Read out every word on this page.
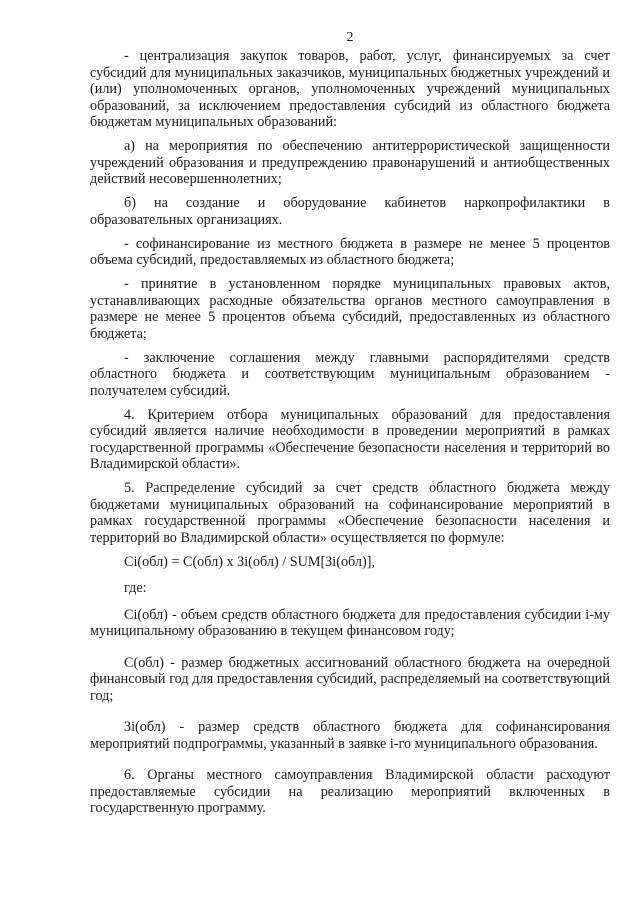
2

- централизация закупок товаров, работ, услуг, финансируемых за счет субсидий для муниципальных заказчиков, муниципальных бюджетных учреждений и (или) уполномоченных органов, уполномоченных учреждений муниципальных образований, за исключением предоставления субсидий из областного бюджета бюджетам муниципальных образований:

а) на мероприятия по обеспечению антитеррористической защищенности учреждений образования и предупреждению правонарушений и антиобщественных действий несовершеннолетних;

б) на создание и оборудование кабинетов наркопрофилактики в образовательных организациях.

- софинансирование из местного бюджета в размере не менее 5 процентов объема субсидий, предоставляемых из областного бюджета;

- принятие в установленном порядке муниципальных правовых актов, устанавливающих расходные обязательства органов местного самоуправления в размере не менее 5 процентов объема субсидий, предоставленных из областного бюджета;

- заключение соглашения между главными распорядителями средств областного бюджета и соответствующим муниципальным образованием - получателем субсидий.

4. Критерием отбора муниципальных образований для предоставления субсидий является наличие необходимости в проведении мероприятий в рамках государственной программы «Обеспечение безопасности населения и территорий во Владимирской области».

5. Распределение субсидий за счет средств областного бюджета между бюджетами муниципальных образований на софинансирование мероприятий в рамках государственной программы «Обеспечение безопасности населения и территорий во Владимирской области» осуществляется по формуле:

Ci(обл) = C(обл) x Зi(обл) / SUM[Зi(обл)],

где:

Ci(обл) - объем средств областного бюджета для предоставления субсидии i-му муниципальному образованию в текущем финансовом году;

C(обл) - размер бюджетных ассигнований областного бюджета на очередной финансовый год для предоставления субсидий, распределяемый на соответствующий год;

Зi(обл) - размер средств областного бюджета для софинансирования мероприятий подпрограммы, указанный в заявке i-го муниципального образования.

6. Органы местного самоуправления Владимирской области расходуют предоставляемые субсидии на реализацию мероприятий включенных в государственную программу.
